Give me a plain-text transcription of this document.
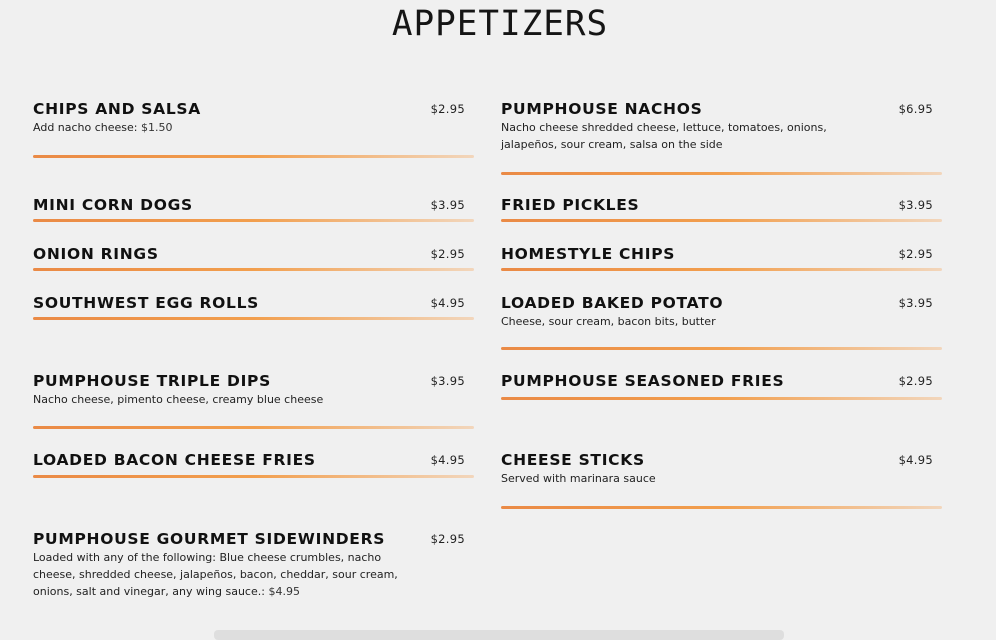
APPETIZERS
CHIPS AND SALSA	$2.95
Add nacho cheese: $1.50
MINI CORN DOGS	$3.95
ONION RINGS	$2.95
SOUTHWEST EGG ROLLS	$4.95
PUMPHOUSE TRIPLE DIPS	$3.95
Nacho cheese, pimento cheese, creamy blue cheese
LOADED BACON CHEESE FRIES	$4.95
PUMPHOUSE GOURMET SIDEWINDERS	$2.95
Loaded with any of the following: Blue cheese crumbles, nacho cheese, shredded cheese, jalapeños, bacon, cheddar, sour cream, onions, salt and vinegar, any wing sauce.: $4.95
PUMPHOUSE NACHOS	$6.95
Nacho cheese shredded cheese, lettuce, tomatoes, onions, jalapeños, sour cream, salsa on the side
FRIED PICKLES	$3.95
HOMESTYLE CHIPS	$2.95
LOADED BAKED POTATO	$3.95
Cheese, sour cream, bacon bits, butter
PUMPHOUSE SEASONED FRIES	$2.95
CHEESE STICKS	$4.95
Served with marinara sauce
